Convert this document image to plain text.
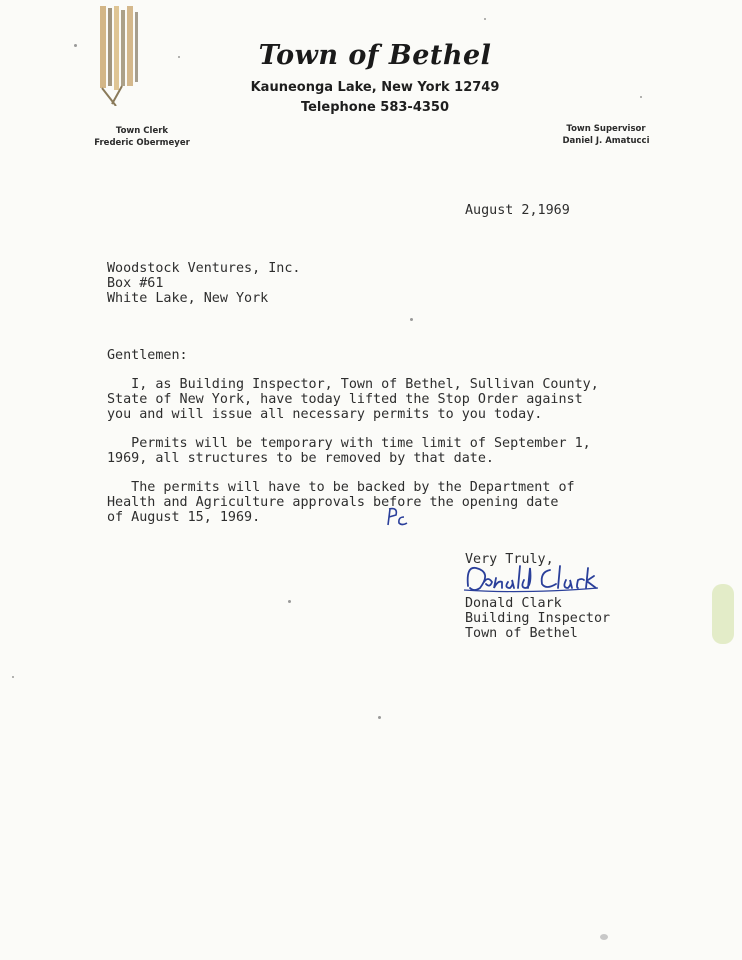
Town of Bethel
Kauneonga Lake, New York 12749
Telephone 583-4350
Town Clerk
Frederic Obermeyer
Town Supervisor
Daniel J. Amatucci
August 2,1969
Woodstock Ventures, Inc.
Box #61
White Lake, New York
Gentlemen:
I, as Building Inspector, Town of Bethel, Sullivan County,
State of New York, have today lifted the Stop Order against
you and will issue all necessary permits to you today.
Permits will be temporary with time limit of September 1,
1969, all structures to be removed by that date.
The permits will have to be backed by the Department of
Health and Agriculture approvals before the opening date
of August 15, 1969.
Very Truly,
Donald Clark
Building Inspector
Town of Bethel
